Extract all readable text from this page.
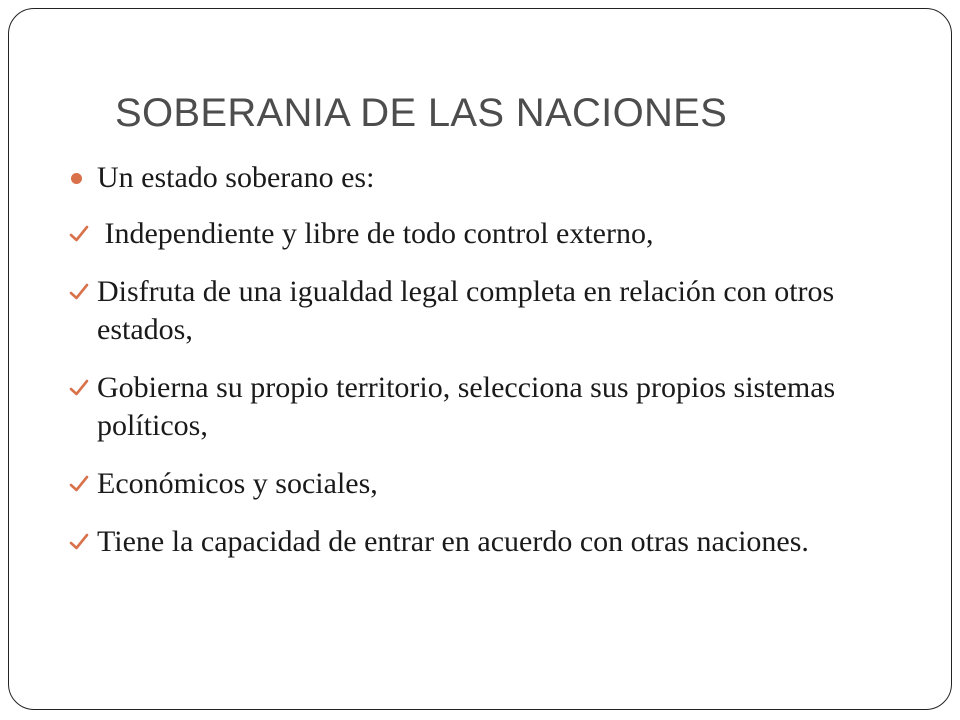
SOBERANIA DE LAS NACIONES
Un estado soberano es:
Independiente y libre de todo control externo,
Disfruta de una igualdad legal completa en relación con otros estados,
Gobierna su propio territorio, selecciona sus propios sistemas políticos,
Económicos y sociales,
Tiene la capacidad de entrar en acuerdo con otras naciones.
